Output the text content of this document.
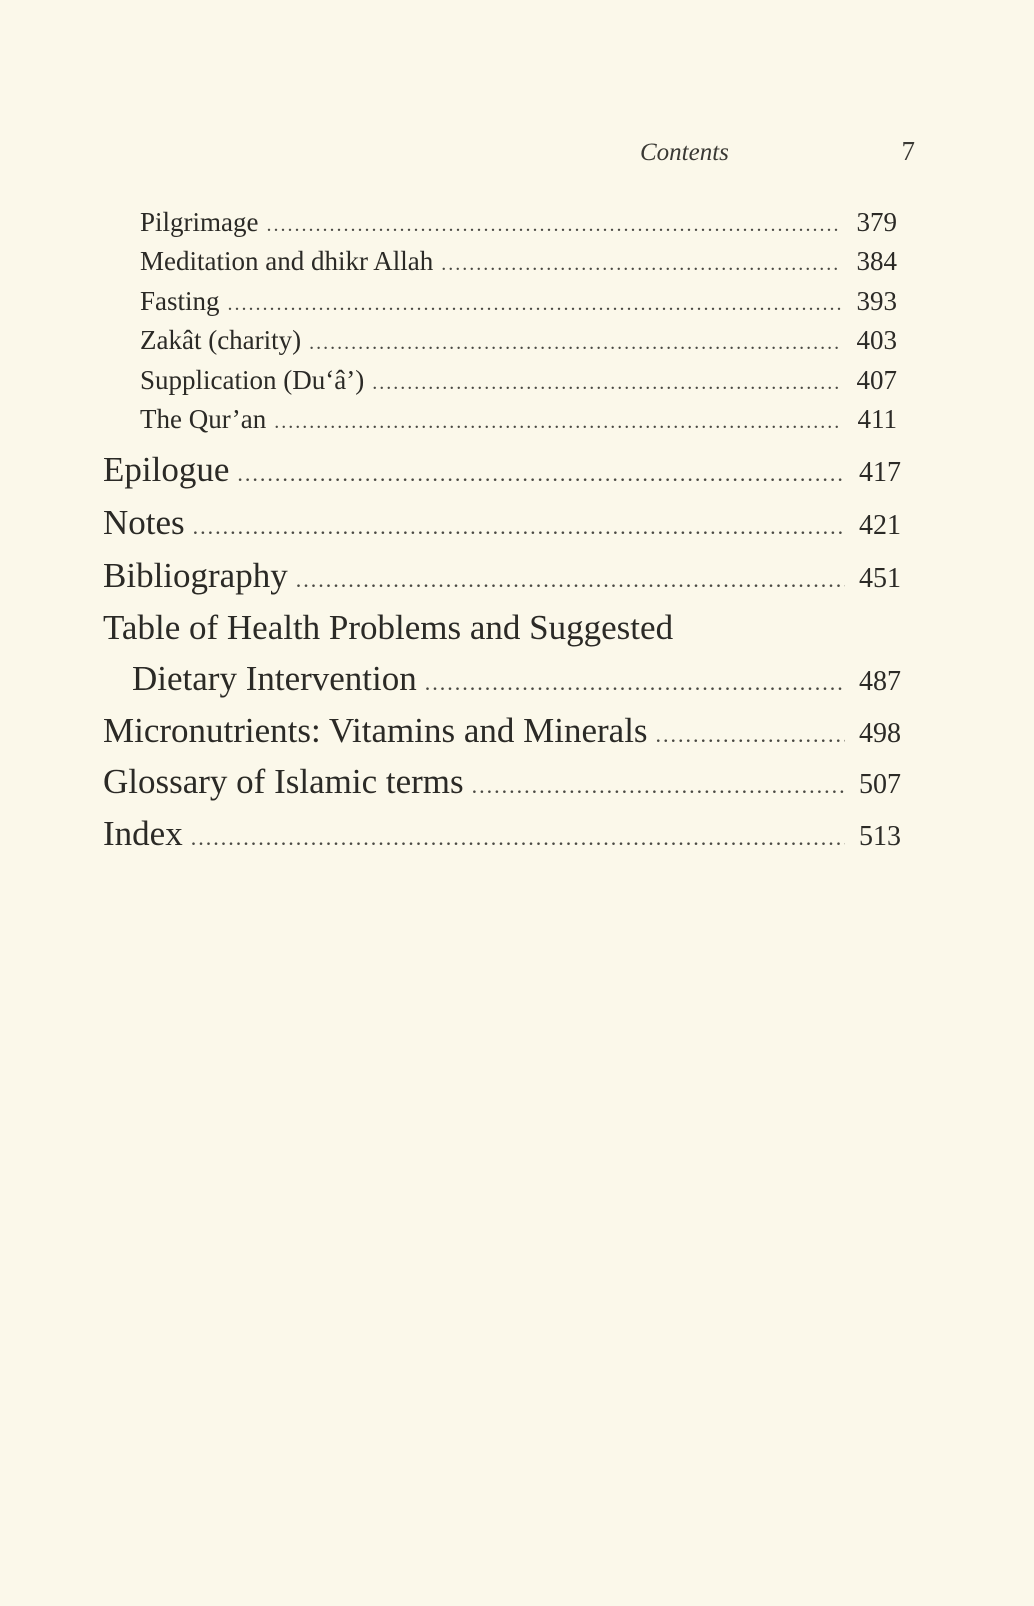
Contents	7
Pilgrimage .....	379
Meditation and dhikr Allah .....	384
Fasting .....	393
Zakât (charity) .....	403
Supplication (Du‘â’) .....	407
The Qur’an .....	411
Epilogue .....	417
Notes .....	421
Bibliography .....	451
Table of Health Problems and Suggested
Dietary Intervention .....	487
Micronutrients: Vitamins and Minerals .....	498
Glossary of Islamic terms .....	507
Index .....	513
